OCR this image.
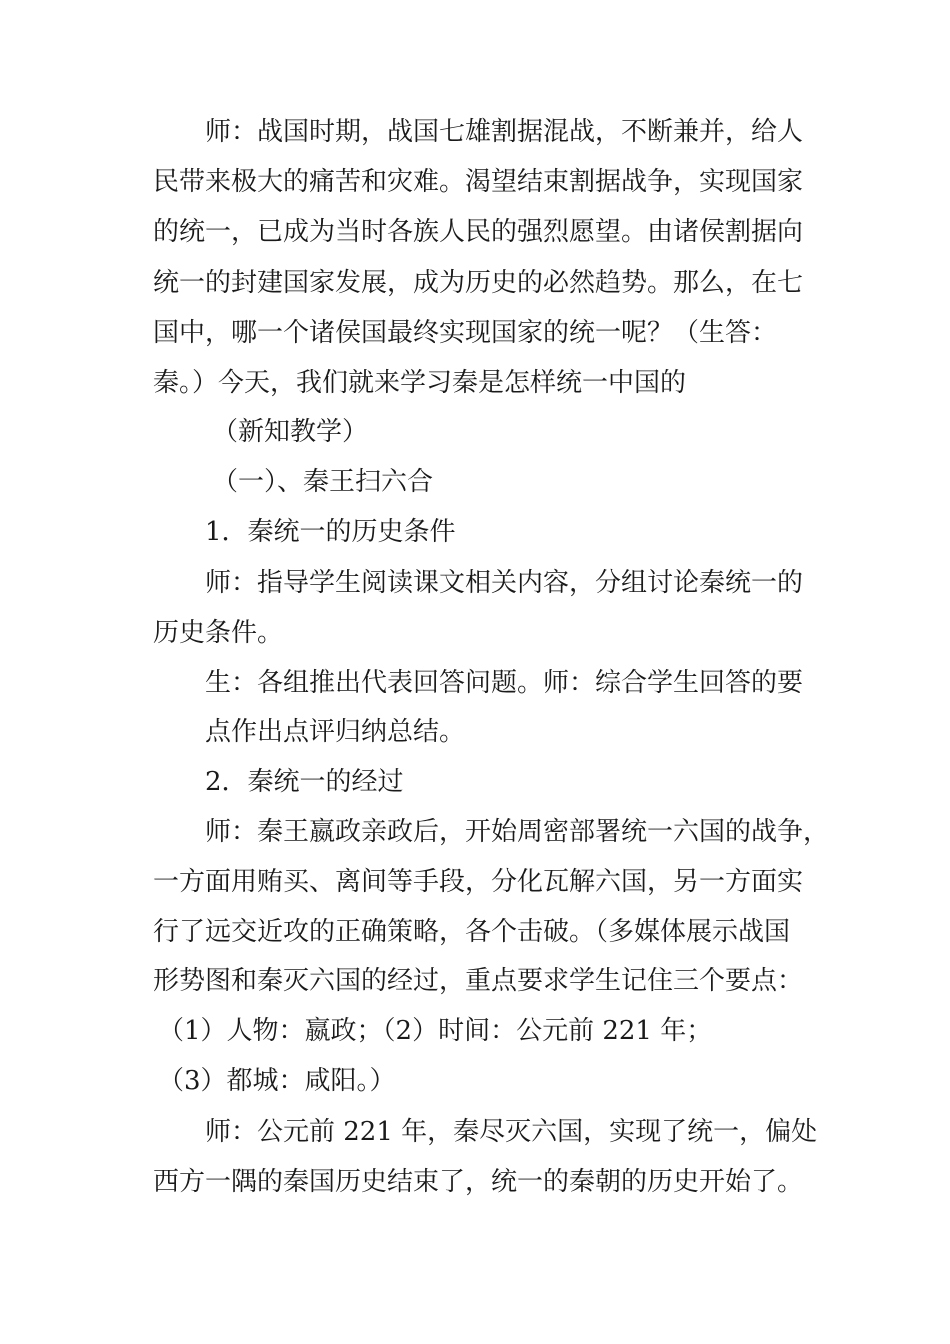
师：战国时期，战国七雄割据混战，不断兼并，给人
民带来极大的痛苦和灾难。渴望结束割据战争，实现国家
的统一，已成为当时各族人民的强烈愿望。由诸侯割据向
统一的封建国家发展，成为历史的必然趋势。那么，在七
国中，哪一个诸侯国最终实现国家的统一呢？（生答：
秦。）今天，我们就来学习秦是怎样统一中国的
（新知教学）
（一）、秦王扫六合
1．秦统一的历史条件
师：指导学生阅读课文相关内容，分组讨论秦统一的
历史条件。
生：各组推出代表回答问题。师：综合学生回答的要
点作出点评归纳总结。
2．秦统一的经过
师：秦王嬴政亲政后，开始周密部署统一六国的战争，
一方面用贿买、离间等手段，分化瓦解六国，另一方面实
行了远交近攻的正确策略，各个击破。（多媒体展示战国
形势图和秦灭六国的经过，重点要求学生记住三个要点：
（1）人物：嬴政；（2）时间：公元前 221 年；
（3）都城：咸阳。）
师：公元前 221 年，秦尽灭六国，实现了统一，偏处
西方一隅的秦国历史结束了，统一的秦朝的历史开始了。
